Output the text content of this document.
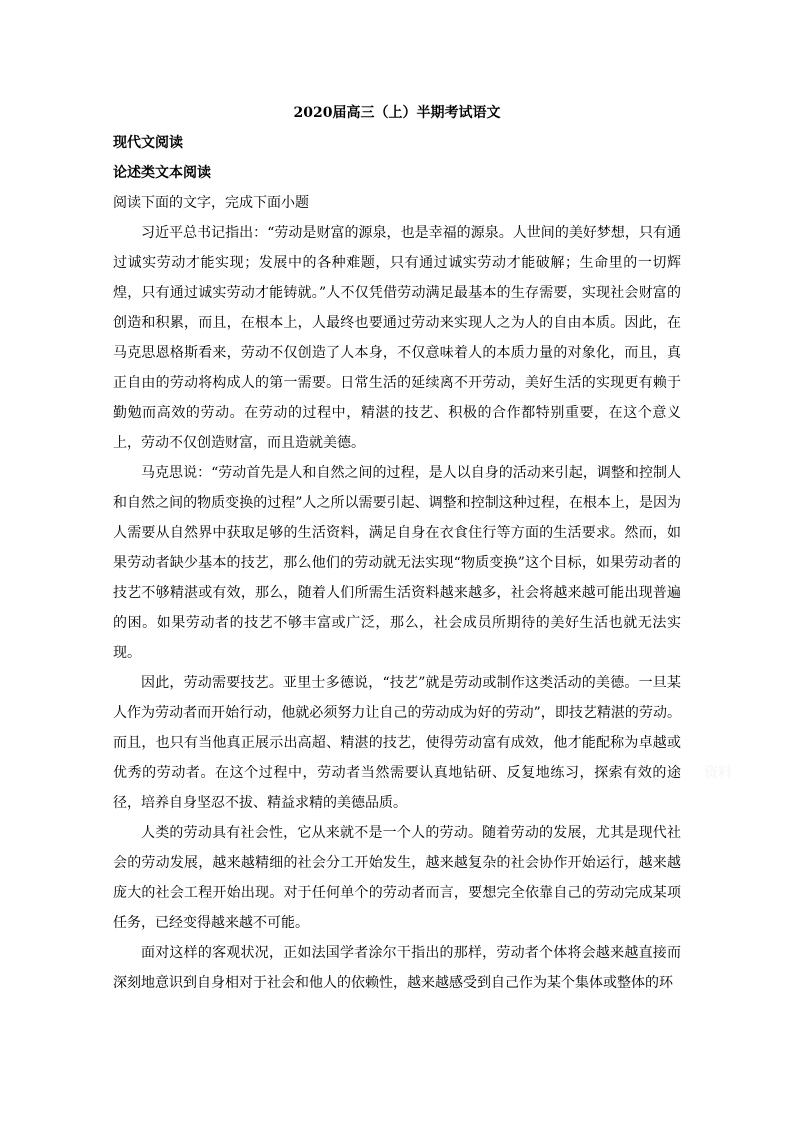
2020届高三（上）半期考试语文

现代文阅读

论述类文本阅读

阅读下面的文字，完成下面小题

习近平总书记指出：“劳动是财富的源泉，也是幸福的源泉。人世间的美好梦想，只有通过诚实劳动才能实现；发展中的各种难题，只有通过诚实劳动才能破解；生命里的一切辉煌，只有通过诚实劳动才能铸就。”人不仅凭借劳动满足最基本的生存需要，实现社会财富的创造和积累，而且，在根本上，人最终也要通过劳动来实现人之为人的自由本质。因此，在马克思恩格斯看来，劳动不仅创造了人本身，不仅意味着人的本质力量的对象化，而且，真正自由的劳动将构成人的第一需要。日常生活的延续离不开劳动，美好生活的实现更有赖于勤勉而高效的劳动。在劳动的过程中，精湛的技艺、积极的合作都特别重要，在这个意义上，劳动不仅创造财富，而且造就美德。

马克思说：“劳动首先是人和自然之间的过程，是人以自身的活动来引起，调整和控制人和自然之间的物质变换的过程”人之所以需要引起、调整和控制这种过程，在根本上，是因为人需要从自然界中获取足够的生活资料，满足自身在衣食住行等方面的生活要求。然而，如果劳动者缺少基本的技艺，那么他们的劳动就无法实现“物质变换”这个目标，如果劳动者的技艺不够精湛或有效，那么，随着人们所需生活资料越来越多，社会将越来越可能出现普遍的困。如果劳动者的技艺不够丰富或广泛，那么，社会成员所期待的美好生活也就无法实现。

因此，劳动需要技艺。亚里士多德说，“技艺”就是劳动或制作这类活动的美德。一旦某人作为劳动者而开始行动，他就必须努力让自己的劳动成为好的劳动”，即技艺精湛的劳动。而且，也只有当他真正展示出高超、精湛的技艺，使得劳动富有成效，他才能配称为卓越或优秀的劳动者。在这个过程中，劳动者当然需要认真地钻研、反复地练习，探索有效的途径，培养自身坚忍不拔、精益求精的美德品质。

人类的劳动具有社会性，它从来就不是一个人的劳动。随着劳动的发展，尤其是现代社会的劳动发展，越来越精细的社会分工开始发生，越来越复杂的社会协作开始运行，越来越庞大的社会工程开始出现。对于任何单个的劳动者而言，要想完全依靠自己的劳动完成某项任务，已经变得越来越不可能。

面对这样的客观状况，正如法国学者涂尔干指出的那样，劳动者个体将会越来越直接而深刻地意识到自身相对于社会和他人的依赖性，越来越感受到自己作为某个集体或整体的环

资料
